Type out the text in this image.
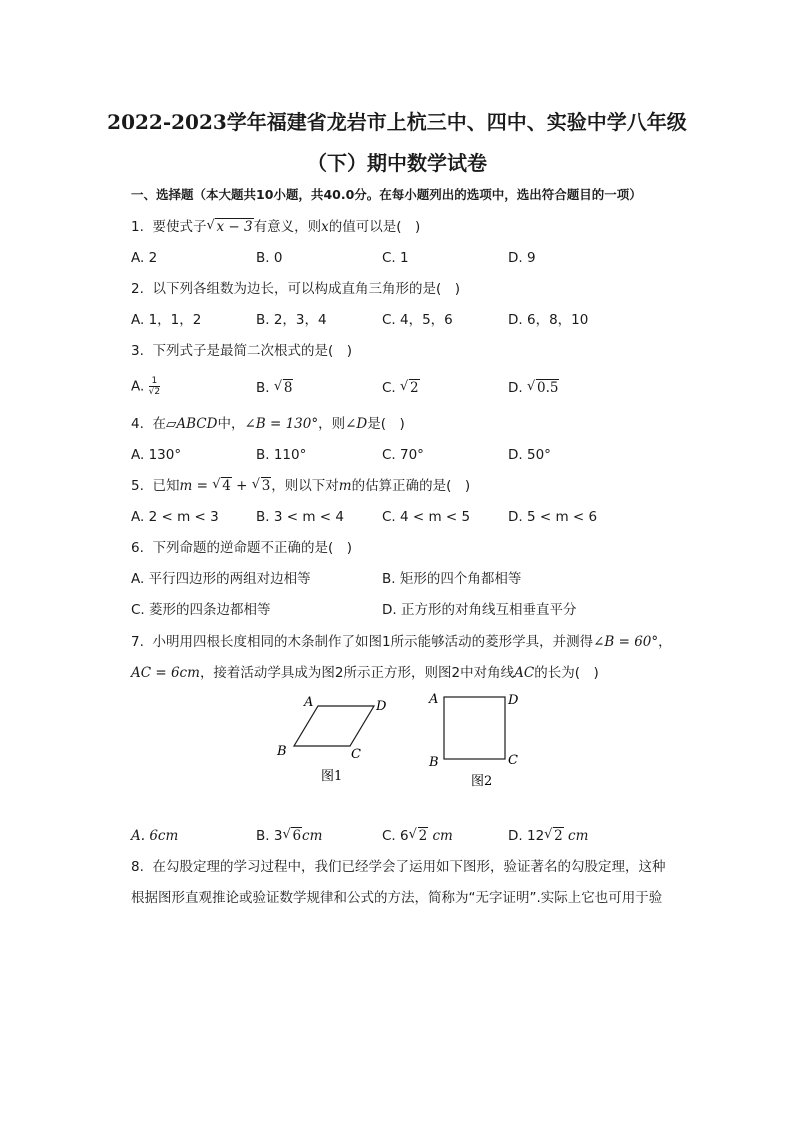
2022-2023学年福建省龙岩市上杭三中、四中、实验中学八年级
（下）期中数学试卷
一、选择题（本大题共10小题，共40.0分。在每小题列出的选项中，选出符合题目的一项）
1. 要使式子 √ x − 3有意义，则x的值可以是(　)
A. 2	B. 0	C. 1	D. 9
2. 以下列各组数为边长，可以构成直角三角形的是(　)
A. 1，1，2	B. 2，3，4	C. 4，5，6	D. 6，8，10
3. 下列式子是最简二次根式的是(　)
A. $\frac{1}{√2}$	B. √ 8	C. √ 2	D. √ 0.5
4. 在▱ABCD中，∠B = 130°，则∠D是(　)
A. 130°	B. 110°	C. 70°	D. 50°
5. 已知m = √ 4 + √ 3，则以下对m的估算正确的是(　)
A. 2 < m < 3	B. 3 < m < 4	C. 4 < m < 5	D. 5 < m < 6
6. 下列命题的逆命题不正确的是(　)
A. 平行四边形的两组对边相等	B. 矩形的四个角都相等
C. 菱形的四条边都相等	D. 正方形的对角线互相垂直平分
7. 小明用四根长度相同的木条制作了如图1所示能够活动的菱形学具，并测得∠B = 60°，
AC = 6cm，接着活动学具成为图2所示正方形，则图2中对角线AC的长为(　)
A	D
B	C
图1
A	D
B	C
图2
A. 6cm	B. 3 √ 6cm	C. 6 √ 2 cm	D. 12 √ 2 cm
8. 在勾股定理的学习过程中，我们已经学会了运用如下图形，验证著名的勾股定理，这种
根据图形直观推论或验证数学规律和公式的方法，简称为“无字证明”.实际上它也可用于验
